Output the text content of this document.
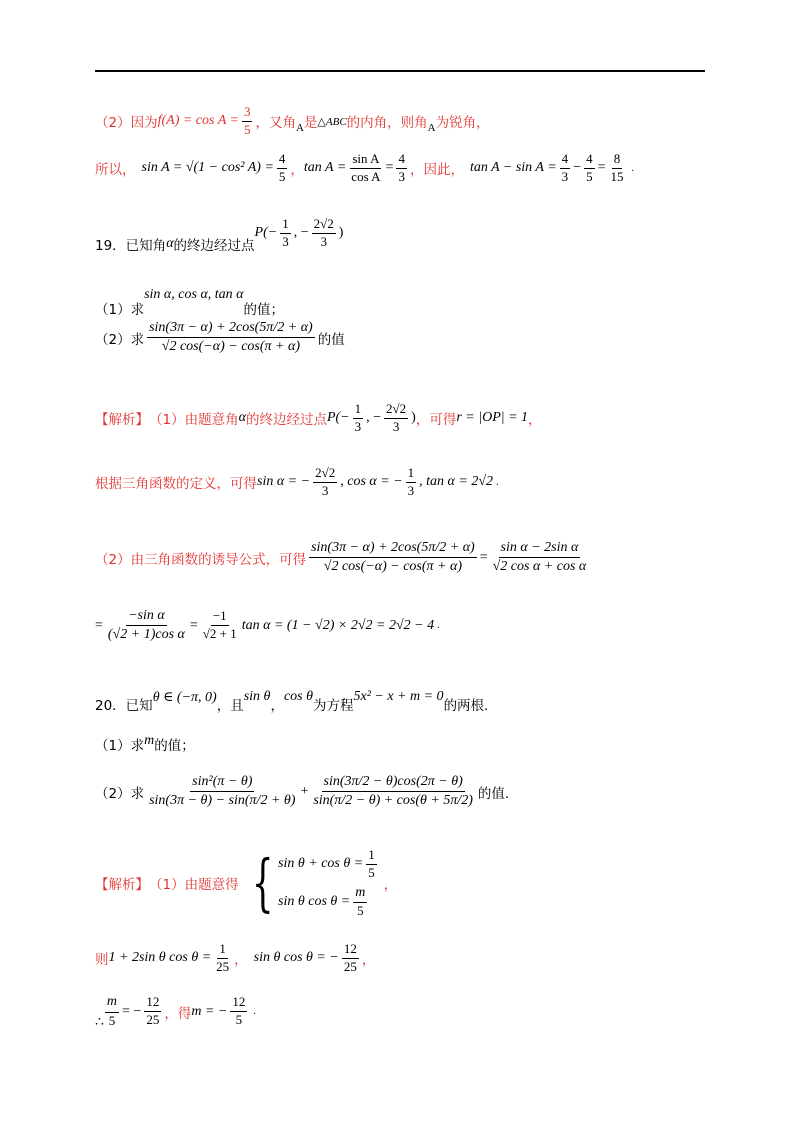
（2）因为 $f(A) = \cos A = \frac{3}{5}$ ，又角 A 是 △ABC 的内角，则角 A 为锐角，
所以， sin A = √(1 − cos² $A) = \frac{4}{5}$ ， $\tan A = \frac{\text{sin A}}{\text{cos A}} = \frac{4}{3}$ ，因此， $\tan A - \sin A = \frac{4}{3} - \frac{4}{5} = \frac{8}{15}$ .
19．已知角 α 的终边经过点
$P(- \frac{1}{3}$ , − $\frac{2√2}{3}$ )
（1）求
sin α, cos α, tan α
的值；
（2）求
sin(3π − α) + 2cos(5π/2 + α)
√2 cos(−α) − cos(π + α) 的值
【解析】 （1）由题意角 α 的终边经过点 $P(- \frac{1}{3}$ , − $\frac{2√2}{3}$ ) ，可得 r = |OP| = 1 ，
根据三角函数的定义，可得 sin α = − $\frac{2√2}{3}$ , cos α = − $\frac{1}{3}$ , tan α = 2√2 .
（2）由三角函数的诱导公式，可得 $\frac{\sin(3\pi - \alpha) + 2\cos(5\pi/2 + \alpha)}{√2 \cos(-\alpha) - \cos(\pi + \alpha)} = \frac{\text{sin α − 2sin α}}{\text{√2 cos α + cos α}}$
= $\frac{\text{−sin α}}{\text{(√2 + 1)cos α}} = \frac{-1}{√2 + 1}$ tan α = (1 − √2) × 2√2 = 2√2 − 4 .
20．已知
θ ∈ (−π, 0)
，且
sin θ
，
cos θ
为方程
5x² − x + m = 0
的两根.
（1）求 m 的值；
（2）求
sin²(π − θ)
sin(3π − θ) − sin(π/2 + θ)
+ $\frac{\sin(3\pi/2 - \theta)\cos(2\pi - \theta)}{\sin(\pi/2 - \theta) + \cos(\theta + 5\pi/2)}$ 的值.
【解析】 （1）由题意得 { $\sin \theta + \cos \theta = \frac{1}{5}$
sin θ $\cos \theta = \frac{m}{5}$ ，
则 1 + 2sin θ $\cos \theta = \frac{1}{25}$ ， sin θ cos θ = − $\frac{12}{25}$ ，
∴ $\frac{m}{5}$ = − $\frac{12}{25}$ ，得 m = − $\frac{12}{5}$ .
